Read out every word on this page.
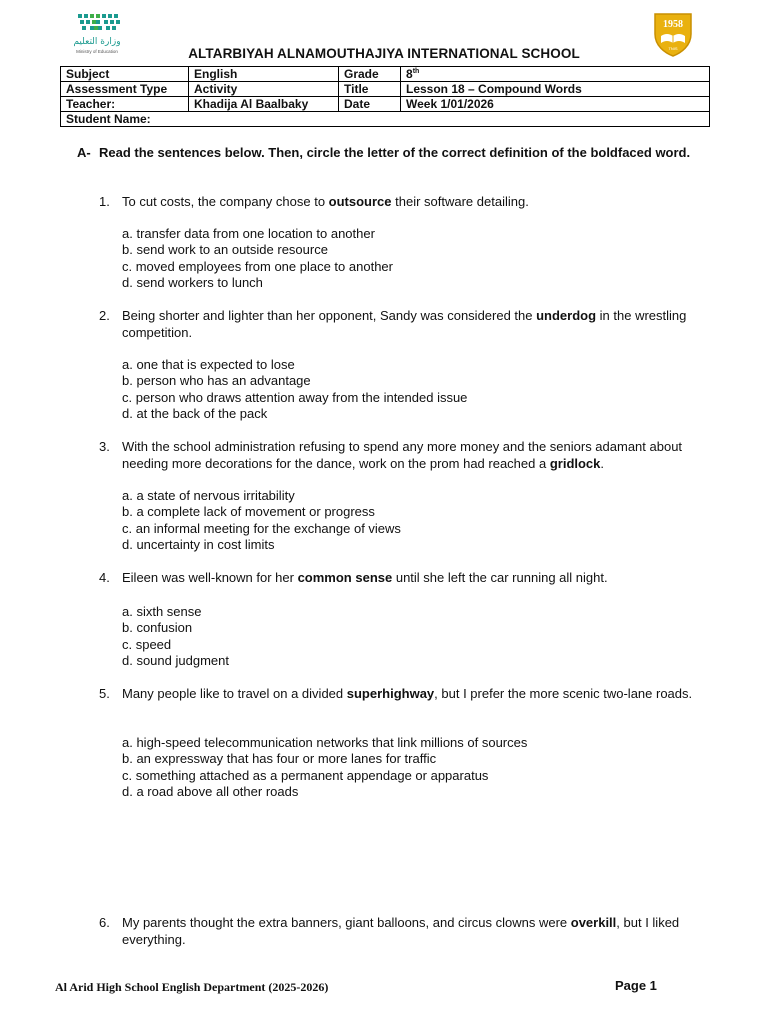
وزارة التعليم
Ministry of Education
1958
TNIS
ALTARBIYAH ALNAMOUTHAJIYA INTERNATIONAL SCHOOL
Subject	English	Grade	8th
Assessment Type	Activity	Title	Lesson 18 – Compound Words
Teacher:	Khadija Al Baalbaky	Date	Week 1/01/2026
Student Name:			
A- Read the sentences below. Then, circle the letter of the correct definition of the boldfaced word.
1. To cut costs, the company chose to outsource their software detailing.
a. transfer data from one location to another
b. send work to an outside resource
c. moved employees from one place to another
d. send workers to lunch
2. Being shorter and lighter than her opponent, Sandy was considered the underdog in the wrestling competition.
a. one that is expected to lose
b. person who has an advantage
c. person who draws attention away from the intended issue
d. at the back of the pack
3. With the school administration refusing to spend any more money and the seniors adamant about needing more decorations for the dance, work on the prom had reached a gridlock.
a. a state of nervous irritability
b. a complete lack of movement or progress
c. an informal meeting for the exchange of views
d. uncertainty in cost limits
4. Eileen was well-known for her common sense until she left the car running all night.
a. sixth sense
b. confusion
c. speed
d. sound judgment
5. Many people like to travel on a divided superhighway, but I prefer the more scenic two-lane roads.
a. high-speed telecommunication networks that link millions of sources
b. an expressway that has four or more lanes for traffic
c. something attached as a permanent appendage or apparatus
d. a road above all other roads
6. My parents thought the extra banners, giant balloons, and circus clowns were overkill, but I liked everything.
Al Arid High School English Department (2025-2026)	Page 1
